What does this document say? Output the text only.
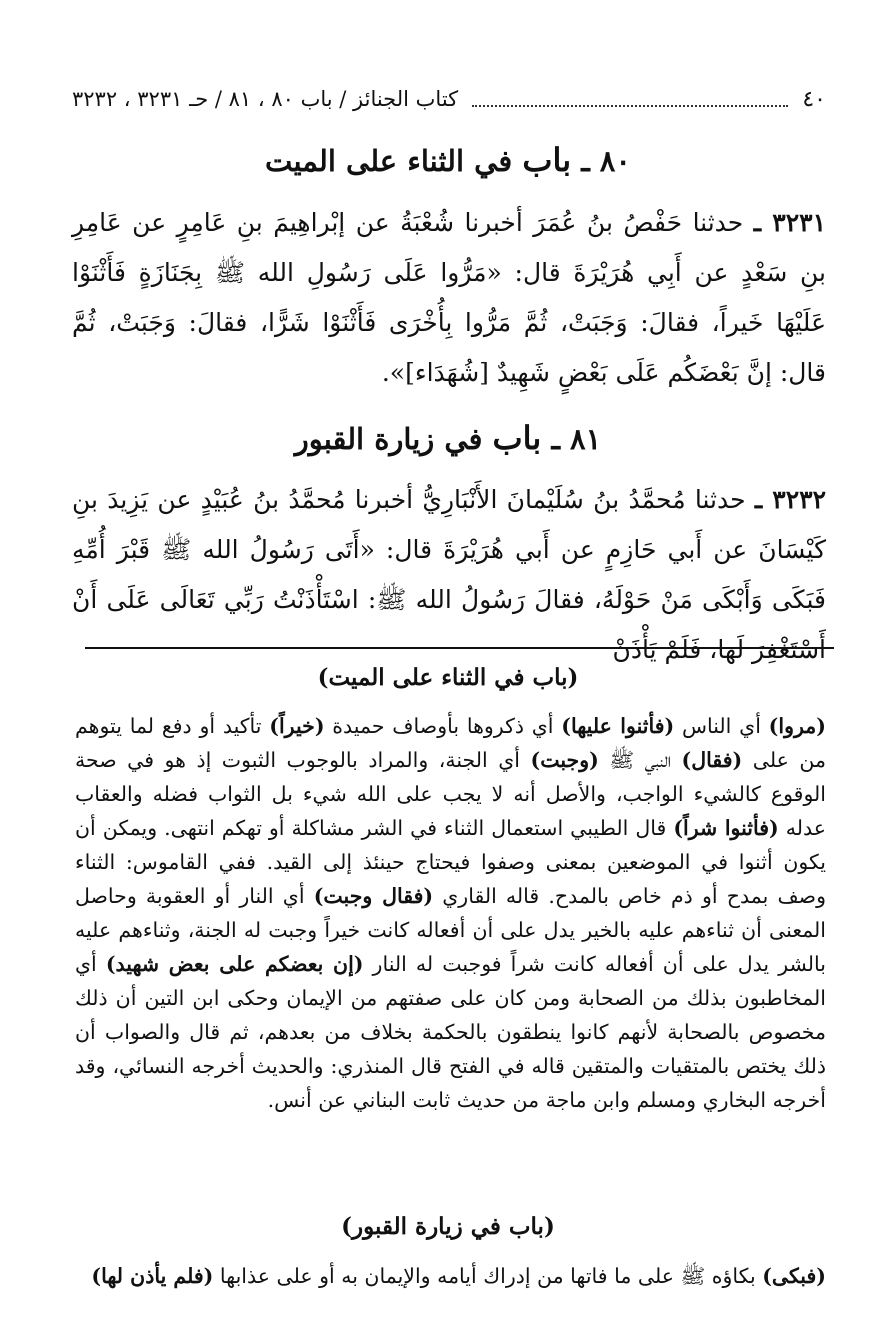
٤٠
كتاب الجنائز / باب ٨٠ ، ٨١ / حـ ٣٢٣١ ، ٣٢٣٢
٨٠ ـ باب في الثناء على الميت
٣٢٣١ ـ حدثنا حَفْصُ بنُ عُمَرَ أخبرنا شُعْبَةُ عن إبْراهِيمَ بنِ عَامِرٍ عن عَامِرِ بنِ سَعْدٍ عن أَبِي هُرَيْرَةَ قال: «مَرُّوا عَلَى رَسُولِ الله ﷺ بِجَنَازَةٍ فَأَثْنَوْا عَلَيْهَا خَيراً، فقالَ: وَجَبَتْ، ثُمَّ مَرُّوا بِأُخْرَى فَأَثْنَوْا شَرًّا، فقالَ: وَجَبَتْ، ثُمَّ قال: إنَّ بَعْضَكُم عَلَى بَعْضٍ شَهِيدٌ [شُهَدَاء]».
٨١ ـ باب في زيارة القبور
٣٢٣٢ ـ حدثنا مُحمَّدُ بنُ سُلَيْمانَ الأَنْبَارِيُّ أخبرنا مُحمَّدُ بنُ عُبَيْدٍ عن يَزِيدَ بنِ كَيْسَانَ عن أَبي حَازِمٍ عن أَبي هُرَيْرَةَ قال: «أَتَى رَسُولُ الله ﷺ قَبْرَ أُمِّهِ فَبَكَى وَأَبْكَى مَنْ حَوْلَهُ، فقالَ رَسُولُ الله ﷺ: اسْتَأْذَنْتُ رَبِّي تَعَالَى عَلَى أَنْ أَسْتَغْفِرَ لَها، فَلَمْ يَأْذَنْ
(باب في الثناء على الميت)
(مروا) أي الناس (فأثنوا عليها) أي ذكروها بأوصاف حميدة (خيراً) تأكيد أو دفع لما يتوهم من على (فقال) النبي ﷺ (وجبت) أي الجنة، والمراد بالوجوب الثبوت إذ هو في صحة الوقوع كالشيء الواجب، والأصل أنه لا يجب على الله شيء بل الثواب فضله والعقاب عدله (فأثنوا شراً) قال الطيبي استعمال الثناء في الشر مشاكلة أو تهكم انتهى. ويمكن أن يكون أثنوا في الموضعين بمعنى وصفوا فيحتاج حينئذ إلى القيد. ففي القاموس: الثناء وصف بمدح أو ذم خاص بالمدح. قاله القاري (فقال وجبت) أي النار أو العقوبة وحاصل المعنى أن ثناءهم عليه بالخير يدل على أن أفعاله كانت خيراً وجبت له الجنة، وثناءهم عليه بالشر يدل على أن أفعاله كانت شراً فوجبت له النار (إن بعضكم على بعض شهيد) أي المخاطبون بذلك من الصحابة ومن كان على صفتهم من الإيمان وحكى ابن التين أن ذلك مخصوص بالصحابة لأنهم كانوا ينطقون بالحكمة بخلاف من بعدهم، ثم قال والصواب أن ذلك يختص بالمتقيات والمتقين قاله في الفتح قال المنذري: والحديث أخرجه النسائي، وقد أخرجه البخاري ومسلم وابن ماجة من حديث ثابت البناني عن أنس.
(باب في زيارة القبور)
(فبكى) بكاؤه ﷺ على ما فاتها من إدراك أيامه والإيمان به أو على عذابها (فلم يأذن لها)
